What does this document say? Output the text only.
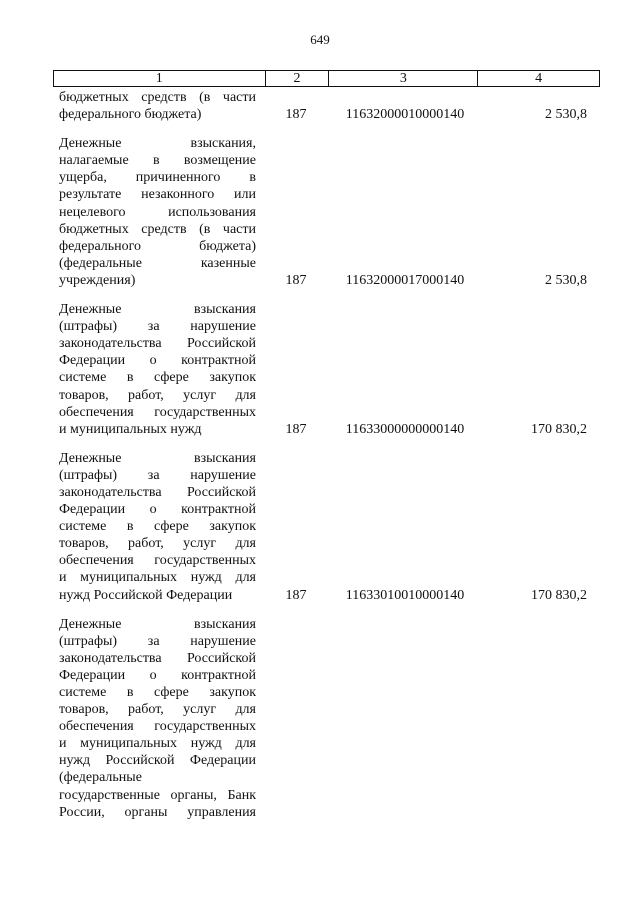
649
1	2	3	4
бюджетных средств (в части
федерального бюджета)	187	11632000010000140	2 530,8
Денежные взыскания,
налагаемые в возмещение
ущерба, причиненного в
результате незаконного или
нецелевого использования
бюджетных средств (в части
федерального бюджета)
(федеральные казенные
учреждения)	187	11632000017000140	2 530,8
Денежные взыскания
(штрафы) за нарушение
законодательства Российской
Федерации о контрактной
системе в сфере закупок
товаров, работ, услуг для
обеспечения государственных
и муниципальных нужд	187	11633000000000140	170 830,2
Денежные взыскания
(штрафы) за нарушение
законодательства Российской
Федерации о контрактной
системе в сфере закупок
товаров, работ, услуг для
обеспечения государственных
и муниципальных нужд для
нужд Российской Федерации	187	11633010010000140	170 830,2
Денежные взыскания
(штрафы) за нарушение
законодательства Российской
Федерации о контрактной
системе в сфере закупок
товаров, работ, услуг для
обеспечения государственных
и муниципальных нужд для
нужд Российской Федерации
(федеральные
государственные органы, Банк
России, органы управления
